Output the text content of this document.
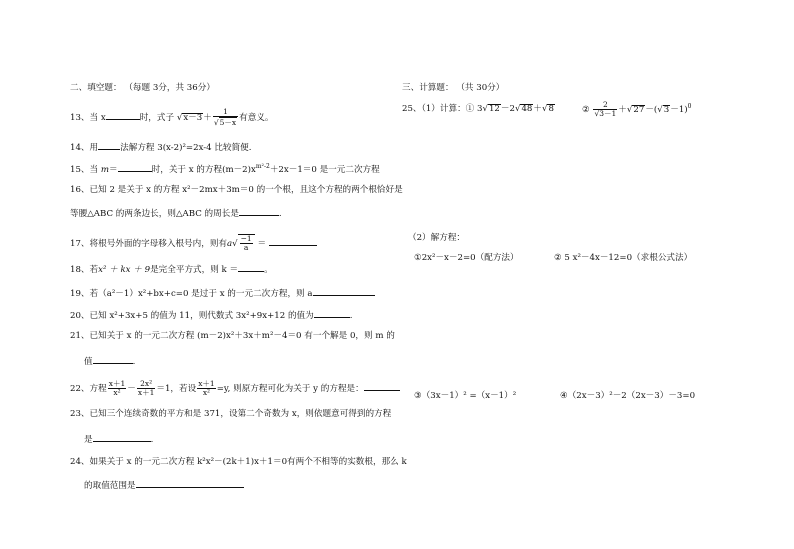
二、填空题： （每题 3分，共 36分）
13、当 x	时，式子 $√x-3+ \frac{1}{√5-x}$ 有意义。
14、用	法解方程 3(x-2)²=2x-4 比较简便.
15、当 m＝	时，关于 x 的方程$(m-2)x^{m^2-2}+2x-1=0$ 是一元二次方程
16、已知 2 是关于 x 的方程 x²－2mx＋3m＝0 的一个根，且这个方程的两个根恰好是
等腰△ABC 的两条边长，则△ABC 的周长是	.
17、将根号外面的字母移入根号内，则有$a√ \frac{-1}{a}$ ＝
18、若x² ＋ kx ＋ 9是完全平方式，则 k ＝	。
19、若（a²－1）x²+bx+c=0 是过于 x 的一元二次方程，则 a
20、已知 x²+3x+5 的值为 11，则代数式 3x²+9x+12 的值为	.
21、已知关于 x 的一元二次方程 (m－2)x²＋3x＋m²－4＝0 有一个解是 0，则 m 的
值	.
22、方程 $\frac{x+1}{\text{x²}} - \frac{\text{2x²}}{x+1} =1$，若设 $\frac{x+1}{\text{x²}} =y$, 则原方程可化为关于 y 的方程是：
23、已知三个连续奇数的平方和是 371，设第二个奇数为 x，则依题意可得到的方程
是	.
24、如果关于 x 的一元二次方程 k²x²－(2k＋1)x＋1＝0有两个不相等的实数根，那么 k
的取值范围是
三、计算题： （共 30分）
25、（1）计算：① 3√12－2√48＋√8	② $\frac{2}{√3-1} +√27-(√3-1)^0$
（2）解方程：
①2x²－x－2=0（配方法）	② 5 x²－4x－12=0（求根公式法）
③（3x－1）² =（x－1）²	④（2x－3）²－2（2x－3）－3=0
